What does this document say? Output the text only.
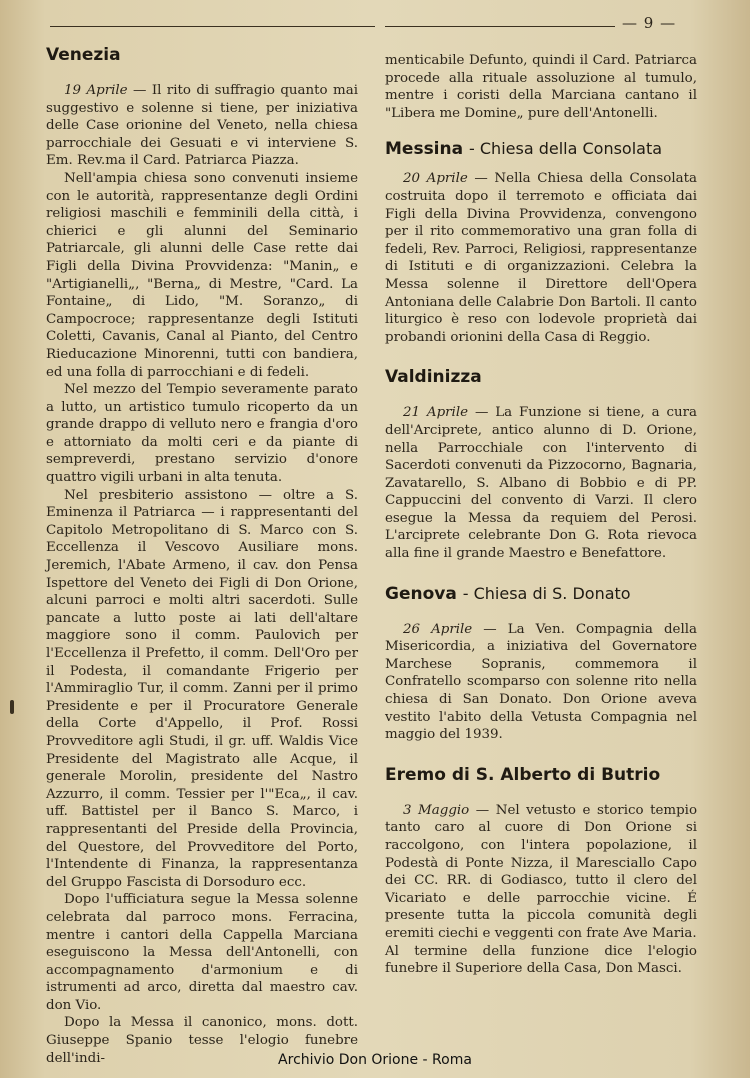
— 9 —
Venezia

19 Aprile — Il rito di suffragio quanto mai suggestivo e solenne si tiene, per iniziativa delle Case orionine del Veneto, nella chiesa parrocchiale dei Gesuati e vi interviene S. Em. Rev.ma il Card. Patriarca Piazza.

Nell'ampia chiesa sono convenuti insieme con le autorità, rappresentanze degli Ordini religiosi maschili e femminili della città, i chierici e gli alunni del Seminario Patriarcale, gli alunni delle Case rette dai Figli della Divina Provvidenza: "Manin„ e "Artigianelli„, "Berna„ di Mestre, "Card. La Fontaine„ di Lido, "M. Soranzo„ di Campocroce; rappresentanze degli Istituti Coletti, Cavanis, Canal al Pianto, del Centro Rieducazione Minorenni, tutti con bandiera, ed una folla di parrocchiani e di fedeli.

Nel mezzo del Tempio severamente parato a lutto, un artistico tumulo ricoperto da un grande drappo di velluto nero e frangia d'oro e attorniato da molti ceri e da piante di sempreverdi, prestano servizio d'onore quattro vigili urbani in alta tenuta.

Nel presbiterio assistono — oltre a S. Eminenza il Patriarca — i rappresentanti del Capitolo Metropolitano di S. Marco con S. Eccellenza il Vescovo Ausiliare mons. Jeremich, l'Abate Armeno, il cav. don Pensa Ispettore del Veneto dei Figli di Don Orione, alcuni parroci e molti altri sacerdoti. Sulle pancate a lutto poste ai lati dell'altare maggiore sono il comm. Paulovich per l'Eccellenza il Prefetto, il comm. Dell'Oro per il Podesta, il comandante Frigerio per l'Ammiraglio Tur, il comm. Zanni per il primo Presidente e per il Procuratore Generale della Corte d'Appello, il Prof. Rossi Provveditore agli Studi, il gr. uff. Waldis Vice Presidente del Magistrato alle Acque, il generale Morolin, presidente del Nastro Azzurro, il comm. Tessier per l'"Eca„, il cav. uff. Battistel per il Banco S. Marco, i rappresentanti del Preside della Provincia, del Questore, del Provveditore del Porto, l'Intendente di Finanza, la rappresentanza del Gruppo Fascista di Dorsoduro ecc.

Dopo l'ufficiatura segue la Messa solenne celebrata dal parroco mons. Ferracina, mentre i cantori della Cappella Marciana eseguiscono la Messa dell'Antonelli, con accompagnamento d'armonium e di istrumenti ad arco, diretta dal maestro cav. don Vio.

Dopo la Messa il canonico, mons. dott. Giuseppe Spanio tesse l'elogio funebre dell'indi-

menticabile Defunto, quindi il Card. Patriarca procede alla rituale assoluzione al tumulo, mentre i coristi della Marciana cantano il "Libera me Domine„ pure dell'Antonelli.

Messina - Chiesa della Consolata

20 Aprile — Nella Chiesa della Consolata costruita dopo il terremoto e officiata dai Figli della Divina Provvidenza, convengono per il rito commemorativo una gran folla di fedeli, Rev. Parroci, Religiosi, rappresentanze di Istituti e di organizzazioni. Celebra la Messa solenne il Direttore dell'Opera Antoniana delle Calabrie Don Bartoli. Il canto liturgico è reso con lodevole proprietà dai probandi orionini della Casa di Reggio.

Valdinizza

21 Aprile — La Funzione si tiene, a cura dell'Arciprete, antico alunno di D. Orione, nella Parrocchiale con l'intervento di Sacerdoti convenuti da Pizzocorno, Bagnaria, Zavatarello, S. Albano di Bobbio e di PP. Cappuccini del convento di Varzi. Il clero esegue la Messa da requiem del Perosi. L'arciprete celebrante Don G. Rota rievoca alla fine il grande Maestro e Benefattore.

Genova - Chiesa di S. Donato

26 Aprile — La Ven. Compagnia della Misericordia, a iniziativa del Governatore Marchese Sopranis, commemora il Confratello scomparso con solenne rito nella chiesa di San Donato. Don Orione aveva vestito l'abito della Vetusta Compagnia nel maggio del 1939.

Eremo di S. Alberto di Butrio

3 Maggio — Nel vetusto e storico tempio tanto caro al cuore di Don Orione si raccolgono, con l'intera popolazione, il Podestà di Ponte Nizza, il Maresciallo Capo dei CC. RR. di Godiasco, tutto il clero del Vicariato e delle parrocchie vicine. É presente tutta la piccola comunità degli eremiti ciechi e veggenti con frate Ave Maria.

Al termine della funzione dice l'elogio funebre il Superiore della Casa, Don Masci.

Archivio Don Orione - Roma
